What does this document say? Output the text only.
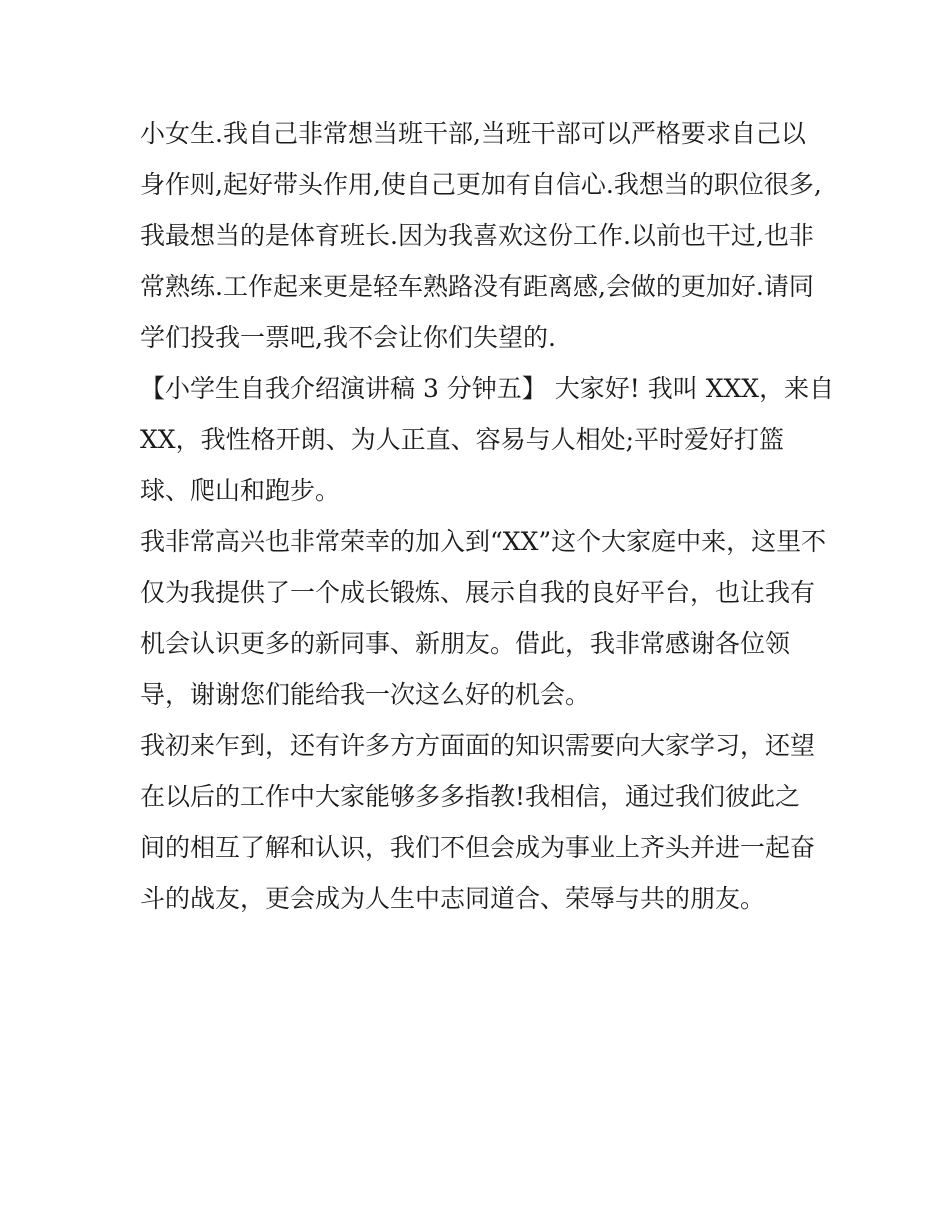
小女生.我自己非常想当班干部,当班干部可以严格要求自己以
身作则,起好带头作用,使自己更加有自信心.我想当的职位很多,
我最想当的是体育班长.因为我喜欢这份工作.以前也干过,也非
常熟练.工作起来更是轻车熟路没有距离感,会做的更加好.请同
学们投我一票吧,我不会让你们失望的.
【小学生自我介绍演讲稿 3 分钟五】 大家好! 我叫 XXX，来自
XX，我性格开朗、为人正直、容易与人相处;平时爱好打篮
球、爬山和跑步。
我非常高兴也非常荣幸的加入到“XX”这个大家庭中来，这里不
仅为我提供了一个成长锻炼、展示自我的良好平台，也让我有
机会认识更多的新同事、新朋友。借此，我非常感谢各位领
导，谢谢您们能给我一次这么好的机会。
我初来乍到，还有许多方方面面的知识需要向大家学习，还望
在以后的工作中大家能够多多指教!我相信，通过我们彼此之
间的相互了解和认识，我们不但会成为事业上齐头并进一起奋
斗的战友，更会成为人生中志同道合、荣辱与共的朋友。
